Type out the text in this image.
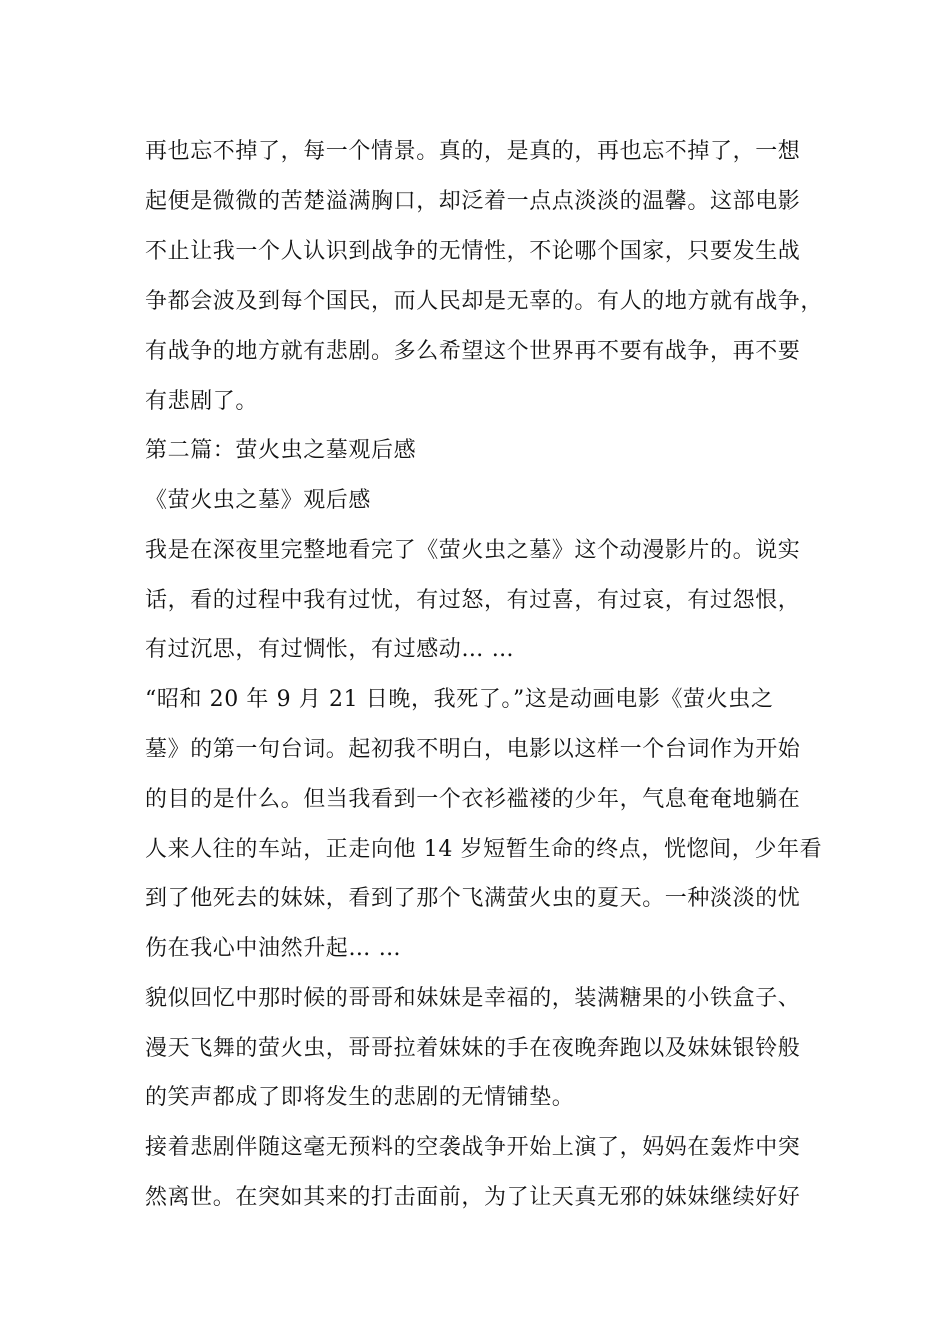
再也忘不掉了，每一个情景。真的，是真的，再也忘不掉了，一想
起便是微微的苦楚溢满胸口，却泛着一点点淡淡的温馨。这部电影
不止让我一个人认识到战争的无情性，不论哪个国家，只要发生战
争都会波及到每个国民，而人民却是无辜的。有人的地方就有战争，
有战争的地方就有悲剧。多么希望这个世界再不要有战争，再不要
有悲剧了。
第二篇：萤火虫之墓观后感
《萤火虫之墓》观后感
我是在深夜里完整地看完了《萤火虫之墓》这个动漫影片的。说实
话，看的过程中我有过忧，有过怒，有过喜，有过哀，有过怨恨，
有过沉思，有过惆怅，有过感动… …
“昭和 20 年 9 月 21 日晚，我死了。”这是动画电影《萤火虫之
墓》的第一句台词。起初我不明白，电影以这样一个台词作为开始
的目的是什么。但当我看到一个衣衫褴褛的少年，气息奄奄地躺在
人来人往的车站，正走向他 14 岁短暂生命的终点，恍惚间，少年看
到了他死去的妹妹，看到了那个飞满萤火虫的夏天。一种淡淡的忧
伤在我心中油然升起… …
貌似回忆中那时候的哥哥和妹妹是幸福的，装满糖果的小铁盒子、
漫天飞舞的萤火虫，哥哥拉着妹妹的手在夜晚奔跑以及妹妹银铃般
的笑声都成了即将发生的悲剧的无情铺垫。
接着悲剧伴随这毫无预料的空袭战争开始上演了，妈妈在轰炸中突
然离世。在突如其来的打击面前，为了让天真无邪的妹妹继续好好
